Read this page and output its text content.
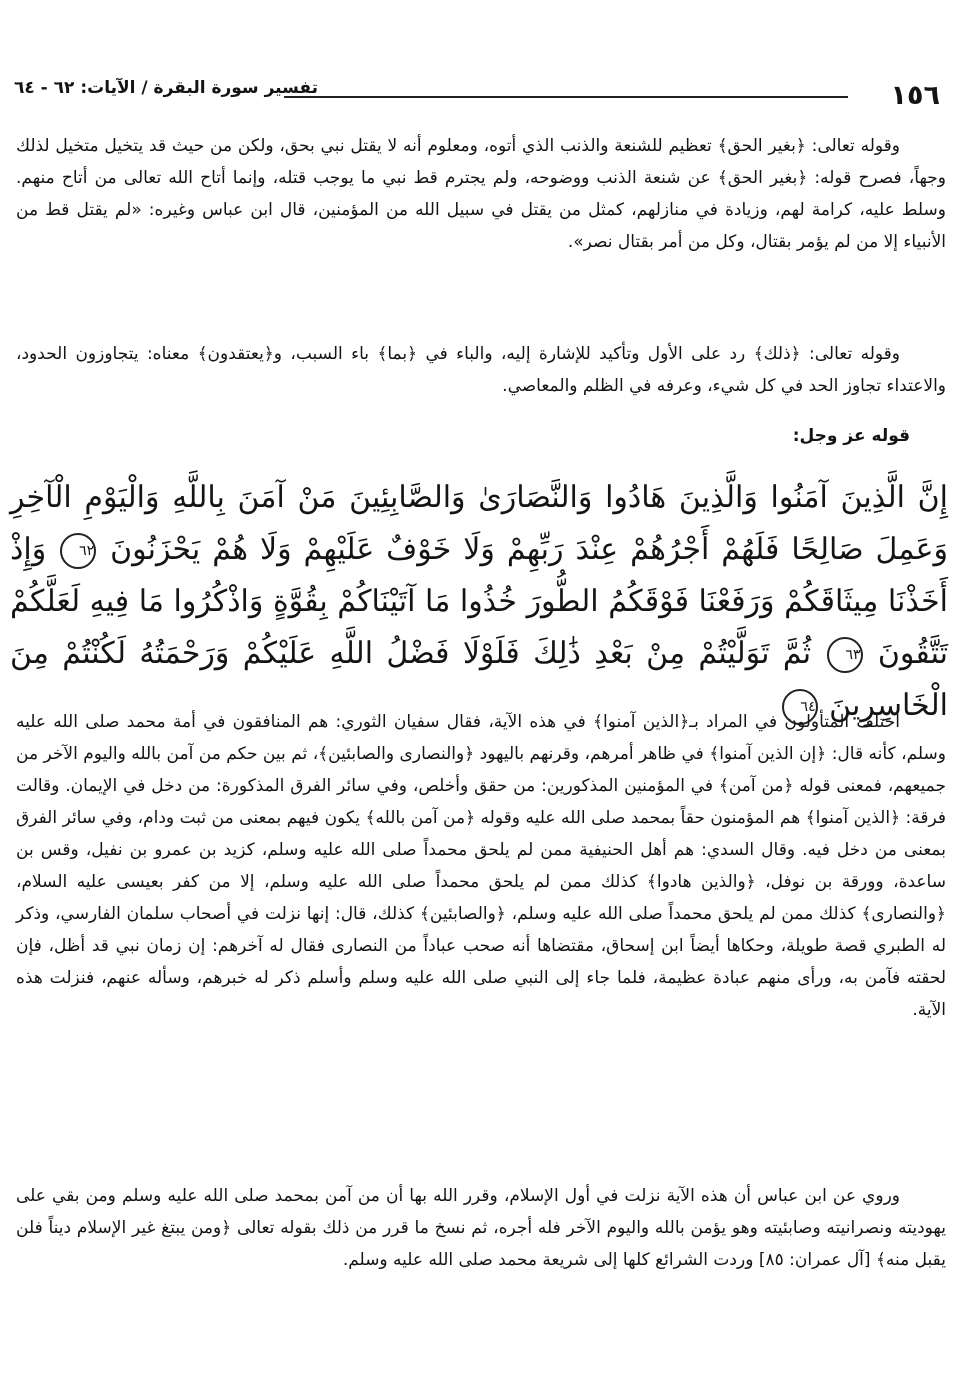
١٥٦
تفسير سورة البقرة / الآيات: ٦٢ - ٦٤

وقوله تعالى: ﴿بغير الحق﴾ تعظيم للشنعة والذنب الذي أتوه، ومعلوم أنه لا يقتل نبي بحق، ولكن من حيث قد يتخيل متخيل لذلك وجهاً، فصرح قوله: ﴿بغير الحق﴾ عن شنعة الذنب ووضوحه، ولم يجترم قط نبي ما يوجب قتله، وإنما أتاح الله تعالى من أتاح منهم. وسلط عليه، كرامة لهم، وزيادة في منازلهم، كمثل من يقتل في سبيل الله من المؤمنين، قال ابن عباس وغيره: «لم يقتل قط من الأنبياء إلا من لم يؤمر بقتال، وكل من أمر بقتال نصر».

وقوله تعالى: ﴿ذلك﴾ رد على الأول وتأكيد للإشارة إليه، والباء في ﴿بما﴾ باء السبب، و﴿يعتقدون﴾ معناه: يتجاوزون الحدود، والاعتداء تجاوز الحد في كل شيء، وعرفه في الظلم والمعاصي.

قوله عز وجل:

إِنَّ الَّذِينَ آمَنُوا وَالَّذِينَ هَادُوا وَالنَّصَارَىٰ وَالصَّابِئِينَ مَنْ آمَنَ بِاللَّهِ وَالْيَوْمِ الْآخِرِ وَعَمِلَ صَالِحًا فَلَهُمْ أَجْرُهُمْ عِنْدَ رَبِّهِمْ وَلَا خَوْفٌ عَلَيْهِمْ وَلَا هُمْ يَحْزَنُونَ ٦٢ وَإِذْ أَخَذْنَا مِيثَاقَكُمْ وَرَفَعْنَا فَوْقَكُمُ الطُّورَ خُذُوا مَا آتَيْنَاكُمْ بِقُوَّةٍ وَاذْكُرُوا مَا فِيهِ لَعَلَّكُمْ تَتَّقُونَ ٦٣ ثُمَّ تَوَلَّيْتُمْ مِنْ بَعْدِ ذَٰلِكَ فَلَوْلَا فَضْلُ اللَّهِ عَلَيْكُمْ وَرَحْمَتُهُ لَكُنْتُمْ مِنَ الْخَاسِرِينَ ٦٤

اختلف المتأولون في المراد بـ﴿الذين آمنوا﴾ في هذه الآية، فقال سفيان الثوري: هم المنافقون في أمة محمد صلى الله عليه وسلم، كأنه قال: ﴿إن الذين آمنوا﴾ في ظاهر أمرهم، وقرنهم باليهود ﴿والنصارى والصابئين﴾، ثم بين حكم من آمن بالله واليوم الآخر من جميعهم، فمعنى قوله ﴿من آمن﴾ في المؤمنين المذكورين: من حقق وأخلص، وفي سائر الفرق المذكورة: من دخل في الإيمان. وقالت فرقة: ﴿الذين آمنوا﴾ هم المؤمنون حقاً بمحمد صلى الله عليه وقوله ﴿من آمن بالله﴾ يكون فيهم بمعنى من ثبت ودام، وفي سائر الفرق بمعنى من دخل فيه. وقال السدي: هم أهل الحنيفية ممن لم يلحق محمداً صلى الله عليه وسلم، كزيد بن عمرو بن نفيل، وقس بن ساعدة، وورقة بن نوفل، ﴿والذين هادوا﴾ كذلك ممن لم يلحق محمداً صلى الله عليه وسلم، إلا من كفر بعيسى عليه السلام، ﴿والنصارى﴾ كذلك ممن لم يلحق محمداً صلى الله عليه وسلم، ﴿والصابئين﴾ كذلك، قال: إنها نزلت في أصحاب سلمان الفارسي، وذكر له الطبري قصة طويلة، وحكاها أيضاً ابن إسحاق، مقتضاها أنه صحب عباداً من النصارى فقال له آخرهم: إن زمان نبي قد أظل، فإن لحقته فآمن به، ورأى منهم عبادة عظيمة، فلما جاء إلى النبي صلى الله عليه وسلم وأسلم ذكر له خبرهم، وسأله عنهم، فنزلت هذه الآية.

وروي عن ابن عباس أن هذه الآية نزلت في أول الإسلام، وقرر الله بها أن من آمن بمحمد صلى الله عليه وسلم ومن بقي على يهوديته ونصرانيته وصابئيته وهو يؤمن بالله واليوم الآخر فله أجره، ثم نسخ ما قرر من ذلك بقوله تعالى ﴿ومن يبتغ غير الإسلام ديناً فلن يقبل منه﴾ [آل عمران: ٨٥] وردت الشرائع كلها إلى شريعة محمد صلى الله عليه وسلم.
